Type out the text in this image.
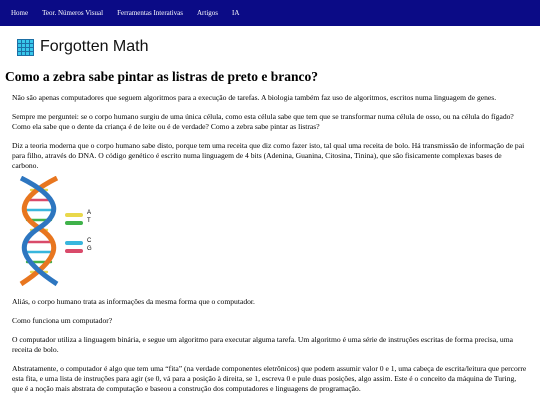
Home	Teor. Números Visual	Ferramentas Interativas	Artigos	IA
Forgotten Math
Como a zebra sabe pintar as listras de preto e branco?

Não são apenas computadores que seguem algoritmos para a execução de tarefas. A biologia também faz uso de algoritmos, escritos numa linguagem de genes.

Sempre me perguntei: se o corpo humano surgiu de uma única célula, como esta célula sabe que tem que se transformar numa célula de osso, ou na célula do fígado? Como ela sabe que o dente da criança é de leite ou é de verdade? Como a zebra sabe pintar as listras?

Diz a teoria moderna que o corpo humano sabe disto, porque tem uma receita que diz como fazer isto, tal qual uma receita de bolo. Há transmissão de informação de pai para filho, através do DNA. O código genético é escrito numa linguagem de 4 bits (Adenina, Guanina, Citosina, Tinina), que são fisicamente complexas bases de carbono.

A
T
C
G

Aliás, o corpo humano trata as informações da mesma forma que o computador.

Como funciona um computador?

O computador utiliza a linguagem binária, e segue um algoritmo para executar alguma tarefa. Um algoritmo é uma série de instruções escritas de forma precisa, uma receita de bolo.

Abstratamente, o computador é algo que tem uma “fita” (na verdade componentes eletrônicos) que podem assumir valor 0 e 1, uma cabeça de escrita/leitura que percorre esta fita, e uma lista de instruções para agir (se 0, vá para a posição à direita, se 1, escreva 0 e pule duas posições, algo assim. Este é o conceito da máquina de Turing, que é a noção mais abstrata de computação e baseou a construção dos computadores e linguagens de programação.
